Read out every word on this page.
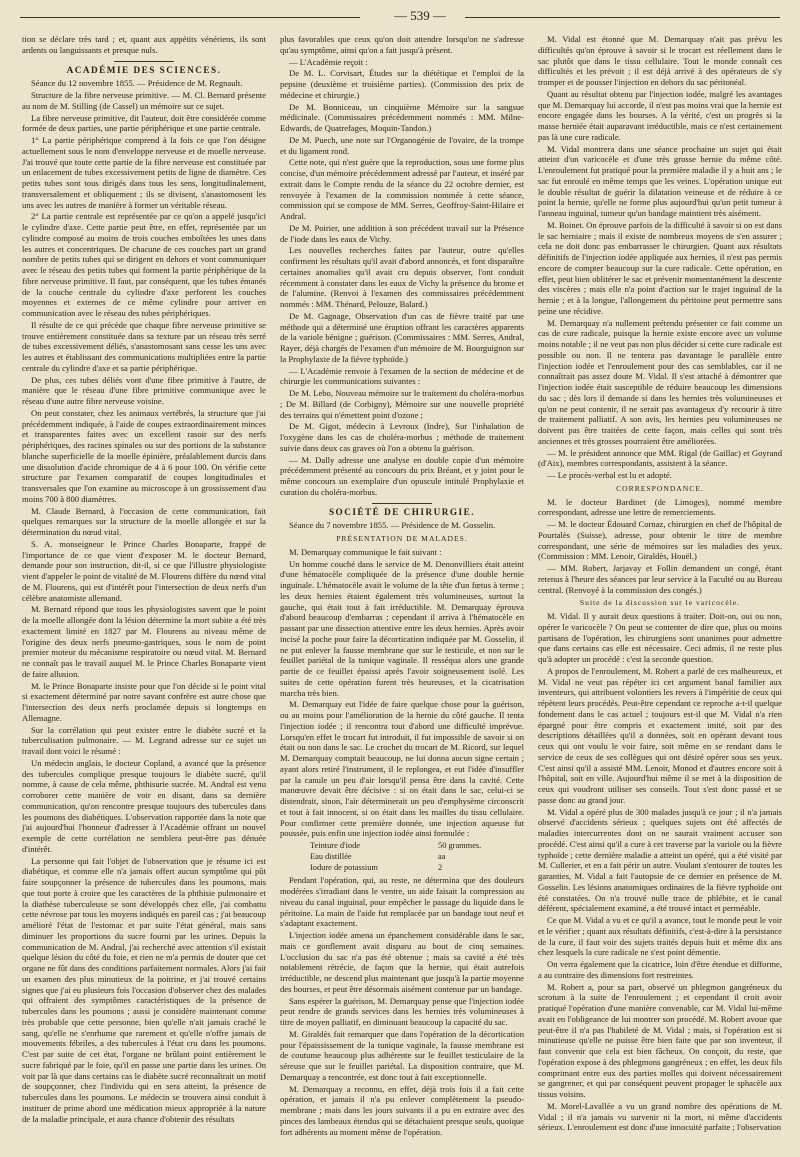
— 539 —

tion se déclare très tard ; et, quant aux appétits vénériens, ils sont ardents ou languissants et presque nuls.

ACADÉMIE DES SCIENCES.

Séance du 12 novembre 1855. — Présidence de M. Regnault.

Structure de la fibre nerveuse primitive. — M. Cl. Bernard présente au nom de M. Stilling (de Cassel) un mémoire sur ce sujet.

La fibre nerveuse primitive, dit l'auteur, doit être considérée comme formée de deux parties, une partie périphérique et une partie centrale.

1° La partie périphérique comprend à la fois ce que l'on désigne actuellement sous le nom d'enveloppe nerveuse et de moelle nerveuse. J'ai trouvé que toute cette partie de la fibre nerveuse est constituée par un enlacement de tubes excessivement petits de ligne de diamètre. Ces petits tubes sont tous dirigés dans tous les sens, longitudinalement, transversalement et obliquement ; ils se divisent, s'anastomosent les uns avec les autres de manière à former un véritable réseau.

2° La partie centrale est représentée par ce qu'on a appelé jusqu'ici le cylindre d'axe. Cette partie peut être, en effet, représentée par un cylindre composé au moins de trois couches emboîtées les unes dans les autres et concentriques. De chacune de ces couches part un grand nombre de petits tubes qui se dirigent en dehors et vont communiquer avec le réseau des petits tubes qui forment la partie périphérique de la fibre nerveuse primitive. Il faut, par conséquent, que les tubes émanés de la couche centrale du cylindre d'axe perforent les couches moyennes et externes de ce même cylindre pour arriver en communication avec le réseau des tubes périphériques.

Il résulte de ce qui précède que chaque fibre nerveuse primitive se trouve entièrement constituée dans sa texture par un réseau très serré de tubes excessivement déliés, s'anastomosant sans cesse les uns avec les autres et établissant des communications multipliées entre la partie centrale du cylindre d'axe et sa partie périphérique.

De plus, ces tubes déliés vont d'une fibre primitive à l'autre, de manière que le réseau d'une fibre primitive communique avec le réseau d'une autre fibre nerveuse voisine.

On peut constater, chez les animaux vertébrés, la structure que j'ai précédemment indiquée, à l'aide de coupes extraordinairement minces et transparentes faites avec un excellent rasoir sur des nerfs périphériques, des racines spinales ou sur des portions de la substance blanche superficielle de la moelle épinière, préalablement durcis dans une dissolution d'acide chromique de 4 à 6 pour 100. On vérifie cette structure par l'examen comparatif de coupes longitudinales et transversales que l'on examine au microscope à un grossissement d'au moins 700 à 800 diamètres.

M. Claude Bernard, à l'occasion de cette communication, fait quelques remarques sur la structure de la moelle allongée et sur la détermination du nœud vital.

S. A. monseigneur le Prince Charles Bonaparte, frappé de l'importance de ce que vient d'exposer M. le docteur Bernard, demande pour son instruction, dit-il, si ce que l'illustre physiologiste vient d'appeler le point de vitalité de M. Flourens diffère du nœnd vital de M. Flourens, qui est d'intérêt pour l'intersection de deux nerfs d'un célèbre anatomiste allemand.

M. Bernard répond que tous les physiologistes savent que le point de la moelle allongée dont la lésion détermine la mort subite a été très exactement limité en 1827 par M. Flourens au niveau même de l'origine des deux nerfs pneumo-gastriques, sous le nom de point premier moteur du mécanisme respiratoire ou nœud vital. M. Bernard ne connaît pas le travail auquel M. le Prince Charles Bonaparte vient de faire allusion.

M. le Prince Bonaparte insiste pour que l'on décide si le point vital si exactement déterminé par notre savant confrère est autre chose que l'intersection des deux nerfs proclamée depuis si longtemps en Allemagne.

Sur la corrélation qui peut exister entre le diabète sucré et la tuberculisation pulmonaire. — M. Legrand adresse sur ce sujet un travail dont voici le résumé :

Un médecin anglais, le docteur Copland, a avancé que la présence des tubercules complique presque toujours le diabète sucré, qu'il nomme, à cause de cela même, phthisurie sucrée. M. Andral est venu corroborer cette manière de voir en disant, dans sa dernière communication, qu'on rencontre presque toujours des tubercules dans les poumons des diabétiques. L'observation rapportée dans la note que j'ai aujourd'hui l'honneur d'adresser à l'Académie offrant un nouvel exemple de cette corrélation ne semblera peut-être pas dénuée d'intérêt.

La personne qui fait l'objet de l'observation que je résume ici est diabétique, et comme elle n'a jamais offert aucun symptôme qui pût faire soupçonner la présence de tubercules dans les poumons, mais que tout porte à croire que les caractères de la phthisie pulmonaire et la diathèse tuberculeuse se sont développés chez elle, j'ai combattu cette névrose par tous les moyens indiqués en pareil cas ; j'ai beaucoup amélioré l'état de l'estomac et par suite l'état général, mais sans diminuer les proportions du sucre fourni par les urines. Depuis la communication de M. Andral, j'ai recherché avec attention s'il existait quelque lésion du côté du foie, et rien ne m'a permis de douter que cet organe ne fût dans des conditions parfaitement normales. Alors j'ai fait un examen des plus minutieux de la poitrine, et j'ai trouvé certains signes que j'ai eu plusieurs fois l'occasion d'observer chez des malades qui offraient des symptômes caractéristiques de la présence de tubercules dans les poumons ; aussi je considère maintenant comme très probable que cette personne, bien qu'elle n'ait jamais craché le sang, qu'elle ne s'enrhume que rarement et qu'elle n'offre jamais de mouvements fébriles, a des tubercules à l'état cru dans les poumons. C'est par suite de cet état, l'organe ne brûlant point entièrement le sucre fabriqué par le foie, qu'il en passe une partie dans les urines. On voit par là que dans certains cas le diabète sucré reconnaîtrait un motif de soupçonner, chez l'individu qui en sera atteint, la présence de tubercules dans les poumons. Le médecin se trouvera ainsi conduit à instituer de prime abord une médication mieux appropriée à la nature de la maladie principale, et aura chance d'obtenir des résultats

plus favorables que ceux qu'on doit attendre lorsqu'on ne s'adresse qu'au symptôme, ainsi qu'on a fait jusqu'à présent.

— L'Académie reçoit :

De M. L. Corvisart, Études sur la diététique et l'emploi de la pepsine (deuxième et troisième parties). (Commission des prix de médecine et chirurgie.)

De M. Bonniceau, un cinquième Mémoire sur la sangsue médicinale. (Commissaires précédemment nommés : MM. Milne-Edwards, de Quatrefages, Moquin-Tandon.)

De M. Puech, une note sur l'Organogénie de l'ovaire, de la trompe et du ligament rond.

Cette note, qui n'est guère que la reproduction, sous une forme plus concise, d'un mémoire précédemment adressé par l'auteur, et inséré par extrait dans le Compte rendu de la séance du 22 octobre dernier, est renvoyée à l'examen de la commission nommée à cette séance, commission qui se compose de MM. Serres, Geoffroy-Saint-Hilaire et Andral.

De M. Poirier, une addition à son précédent travail sur la Présence de l'iode dans les eaux de Vichy.

Les nouvelles recherches faites par l'auteur, outre qu'elles confirment les résultats qu'il avait d'abord annoncés, et font disparaître certaines anomalies qu'il avait cru depuis observer, l'ont conduit récemment à constater dans les eaux de Vichy la présence du brome et de l'alumine. (Renvoi à l'examen des commissaires précédemment nommés : MM. Thénard, Pelouze, Balard.)

De M. Gagnage, Observation d'un cas de fièvre traité par une méthode qui a déterminé une éruption offrant les caractères apparents de la variole bénigne ; guérison. (Commissaires : MM. Serres, Andral, Rayer, déjà chargés de l'examen d'un mémoire de M. Bourguignon sur la Prophylaxie de la fièvre typhoïde.)

— L'Académie renvoie à l'examen de la section de médecine et de chirurgie les communications suivantes :

De M. Lebo, Nouveau mémoire sur le traitement du choléra-morbus ; De M. Billard (de Corbigny), Mémoire sur une nouvelle propriété des terrains qui n'émettent point d'ozone ;

De M. Gigot, médecin à Levroux (Indre), Sur l'inhalation de l'oxygène dans les cas de choléra-morbus ; méthode de traitement suivie dans deux cas graves où l'on a obtenu la guérison.

— M. Dally adresse une analyse en double copie d'un mémoire précédemment présenté au concours du prix Bréant, et y joint pour le même concours un exemplaire d'un opuscule intitulé Prophylaxie et curation du choléra-morbus.

SOCIÉTÉ DE CHIRURGIE.

Séance du 7 novembre 1855. — Présidence de M. Gosselin.

PRÉSENTATION DE MALADES.

M. Demarquay communique le fait suivant :

Un homme couché dans le service de M. Denonvilliers était atteint d'une hématocèle compliquée de la présence d'une double hernie inguinale. L'hématocèle avait le volume de la tête d'un fœtus à terme ; les deux hernies étaient également très volumineuses, surtout la gauche, qui était tout à fait irréductible. M. Demarquay éprouva d'abord beaucoup d'embarras ; cependant il arriva à l'hématocèle en passant par une dissection attentive entre les deux hernies. Après avoir incisé la poche pour faire la décortication indiquée par M. Gosselin, il ne put enlever la fausse membrane que sur le testicule, et non sur le feuillet pariétal de la tunique vaginale. Il resséqua alors une grande partie de ce feuillet épaissi après l'avoir soigneusement isolé. Les suites de cette opération furent très heureuses, et la cicatrisation marcha très bien.

M. Demarquay eut l'idée de faire quelque chose pour la guérison, ou au moins pour l'amélioration de la hernie du côté gauche. Il tenta l'injection iodée ; il rencontra tout d'abord une difficulté imprévue. Lorsqu'en effet le trocart fut introduit, il fut impossible de savoir si on était ou non dans le sac. Le crochet du trocart de M. Ricord, sur lequel M. Demarquay comptait beaucoup, ne lui donna aucun signe certain ; ayant alors retiré l'instrument, il le replongea, et eut l'idée d'insuffler par la canule un peu d'air lorsqu'il pensa être dans la cavité. Cette manœuvre devait être décisive : si on était dans le sac, celui-ci se distendrait, sinon, l'air déterminerait un peu d'emphysème circonscrit et tout à fait innocent, si on était dans les mailles du tissu cellulaire. Pour confirmer cette première donnée, une injection aqueuse fut poussée, puis enfin une injection iodée ainsi formulée :

Teinture d'iode	50 grammes.
Eau distillée	aa
Iodure de potassium	2

Pendant l'opération, qui, au reste, ne détermina que des douleurs modérées s'irradiant dans le ventre, un aide faisait la compression au niveau du canal inguinal, pour empêcher le passage du liquide dans le péritoine. La main de l'aide fut remplacée par un bandage tout neuf et s'adaptant exactement.

L'injection iodée amena un épanchement considérable dans le sac, mais ce gonflement avait disparu au bout de cinq semaines. L'occlusion du sac n'a pas été obtenue ; mais sa cavité a été très notablement rétrécie, de façon que la hernie, qui était autrefois irréductible, ne descend plus maintenant que jusqu'à la partie moyenne des bourses, et peut être désormais aisément contenue par un bandage.

Sans espérer la guérison, M. Demarquay pense que l'injection iodée peut rendre de grands services dans les hernies très volumineuses à titre de moyen palliatif, en diminuant beaucoup la capacité du sac.

M. Giraldès fait remarquer que dans l'opération de la décortication pour l'épaississement de la tunique vaginale, la fausse membrane est de coutume beaucoup plus adhérente sur le feuillet testiculaire de la séreuse que sur le feuillet pariétal. La disposition contraire, que M. Demarquay a rencontrée, est donc tout à fait exceptionnelle.

M. Demarquay a reconnu, en effet, déjà trois fois il a fait cette opération, et jamais il n'a pu enlever complètement la pseudo-membrane ; mais dans les jours suivants il a pu en extraire avec des pinces des lambeaux étendus qui se détachaient presque seuls, quoique fort adhérents au moment même de l'opération.

M. Vidal est étonné que M. Demarquay n'ait pas prévu les difficultés qu'on éprouve à savoir si le trocart est réellement dans le sac plutôt que dans le tissu cellulaire. Tout le monde connaît ces difficultés et les prévoit ; il est déjà arrivé à des opérateurs de s'y tromper et de pousser l'injection en dehors du sac péritonéal.

Quant au résultat obtenu par l'injection iodée, malgré les avantages que M. Demarquay lui accorde, il n'est pas moins vrai que la hernie est encore engagée dans les bourses. A la vérité, c'est un progrès si la masse herniée était auparavant irréductible, mais ce n'est certainement pas là une cure radicale.

M. Vidal montrera dans une séance prochaine un sujet qui était atteint d'un varicocèle et d'une très grosse hernie du même côté. L'enroulement fut pratiqué pour la première maladie il y a huit ans ; le sac fut enroulé en même temps que les veines. L'opération unique eut le double résultat de guérir la dilatation veineuse et de réduire à ce point la hernie, qu'elle ne forme plus aujourd'hui qu'un petit tumeur à l'anneau inguinal, tumeur qu'un bandage maintient très aisément.

M. Boinet. On éprouve parfois de la difficulté à savoir si on est dans le sac herniaire ; mais il existe de nombreux moyens de s'en assurer ; cela ne doit donc pas embarrasser le chirurgien. Quant aux résultats définitifs de l'injection iodée appliquée aux hernies, il n'est pas permis encore de compter beaucoup sur la cure radicale. Cette opération, en effet, peut bien oblitérer le sac et prévenir momentanément la descente des viscères ; mais elle n'a point d'action sur le trajet inguinal de la hernie ; et à la longue, l'allongement du péritoine peut permettre sans peine une récidive.

M. Demarquay n'a nullement prétendu présenter ce fait comme un cas de cure radicale, puisque la hernie existe encore avec un volume moins notable ; il ne veut pas non plus décider si cette cure radicale est possible ou non. Il ne tentera pas davantage le parallèle entre l'injection iodée et l'enroulement pour des cas semblables, car il ne connaîtrait pas assez doute M. Vidal. Il s'est attaché à démontrer que l'injection iodée était susceptible de réduire beaucoup les dimensions du sac ; dès lors il demande si dans les hernies très volumineuses et qu'on ne peut contenir, il ne serait pas avantageux d'y recourir à titre de traitement palliatif. A son avis, les hernies peu volumineuses ne doivent pas être traitées de cette façon, mais celles qui sont très anciennes et très grosses pourraient être améliorées.

— M. le président annonce que MM. Rigal (de Gaillac) et Goyrand (d'Aix), membres correspondants, assistent à la séance.

— Le procès-verbal est lu et adopté.

CORRESPONDANCE.

M. le docteur Bardinet (de Limoges), nommé membre correspondant, adresse une lettre de remerciements.

— M. le docteur Édouard Cornaz, chirurgien en chef de l'hôpital de Pourtalès (Suisse), adresse, pour obtenir le titre de membre correspondant, une série de mémoires sur les maladies des yeux. (Commission : MM. Lenoir, Giraldès, Houël.)

— MM. Robert, Jarjavay et Follin demandent un congé, étant retenus à l'heure des séances par leur service à la Faculté ou au Bureau central. (Renvoyé à la commission des congés.)

Suite de la discussion sur le varicocèle.

M. Vidal. Il y aurait deux questions à traiter. Doit-on, oui ou non, opérer le varicocèle ? On peut se contenter de dire que, plus ou moins partisans de l'opération, les chirurgiens sont unanimes pour admettre que dans certains cas elle est nécessaire. Ceci admis, il ne reste plus qu'à adopter un procédé : c'est la seconde question.

A propos de l'enroulement, M. Robert a parlé de ces malheureux, et M. Vidal ne veut pas répéter ici cet argument banal familier aux inventeurs, qui attribuent volontiers les revers à l'impéritie de ceux qui répètent leurs procédés. Peut-être cependant ce reproche a-t-il quelque fondement dans le cas actuel ; toujours est-il que M. Vidal n'a rien épargné pour être compris et exactement imité, soit par des descriptions détaillées qu'il a données, soit en opérant devant tous ceux qui ont voulu le voir faire, soit même en se rendant dans le service de ceux de ses collègues qui ont désiré opérer sous ses yeux. C'est ainsi qu'il a assisté MM. Lenoir, Monod et d'autres encore soit à l'hôpital, soit en ville. Aujourd'hui même il se met à la disposition de ceux qui voudront utiliser ses conseils. Tout s'est donc passé et se passe donc au grand jour.

M. Vidal a opéré plus de 300 malades jusqu'à ce jour ; il n'a jamais observé d'accidents sérieux ; quelques sujets ont été affectés de maladies intercurrentes dont on ne saurait vraiment accuser son procédé. C'est ainsi qu'il a cure à cet traverse par la variole ou la fièvre typhoïde ; cette dernière maladie a atteint un opéré, qui a été visité par M. Cullerier, et en a fait périr un autre. Voulant s'entourer de toutes les garanties, M. Vidal a fait l'autopsie de ce dernier en présence de M. Gosselin. Les lésions anatomiques ordinaires de la fièvre typhoïde ont été constatées. On n'a trouvé nulle trace de phlébite, et le canal déférent, spécialement examiné, a été trouvé intact et perméable.

Ce que M. Vidal a vu et ce qu'il a avance, tout le monde peut le voir et le vérifier ; quant aux résultats définitifs, c'est-à-dire à la persistance de la cure, il faut voir des sujets traités depuis huit et même dix ans chez lesquels la cure radicale ne s'est point démentie.

On verra également que la cicatrice, loin d'être étendue et difforme, a au contraire des dimensions fort restreintes.

M. Robert a, pour sa part, observé un phlegmon gangréneux du scrotum à la suite de l'enroulement ; et cependant il croit avoir pratiqué l'opération d'une manière convenable, car M. Vidal lui-même avait en l'obligeance de lui montrer son procédé. M. Robert avoue que peut-être il n'a pas l'habileté de M. Vidal ; mais, si l'opération est si minutieuse qu'elle ne puisse être bien faite que par son inventeur, il faut convenir que cela est bien fâcheux. On conçoit, du reste, que l'opération expose à des phlegmons gangréneux ; en effet, les deux fils comprimant entre eux des parties molles qui doivent nécessairement se gangrener, et qui par conséquent peuvent propager le sphacèle aux tissus voisins.

M. Morel-Lavallée a vu un grand nombre des opérations de M. Vidal ; il n'a jamais vu survenir ni la mort, ni même d'accidents sérieux. L'enroulement est donc d'une innocuité parfaite ; l'observation
